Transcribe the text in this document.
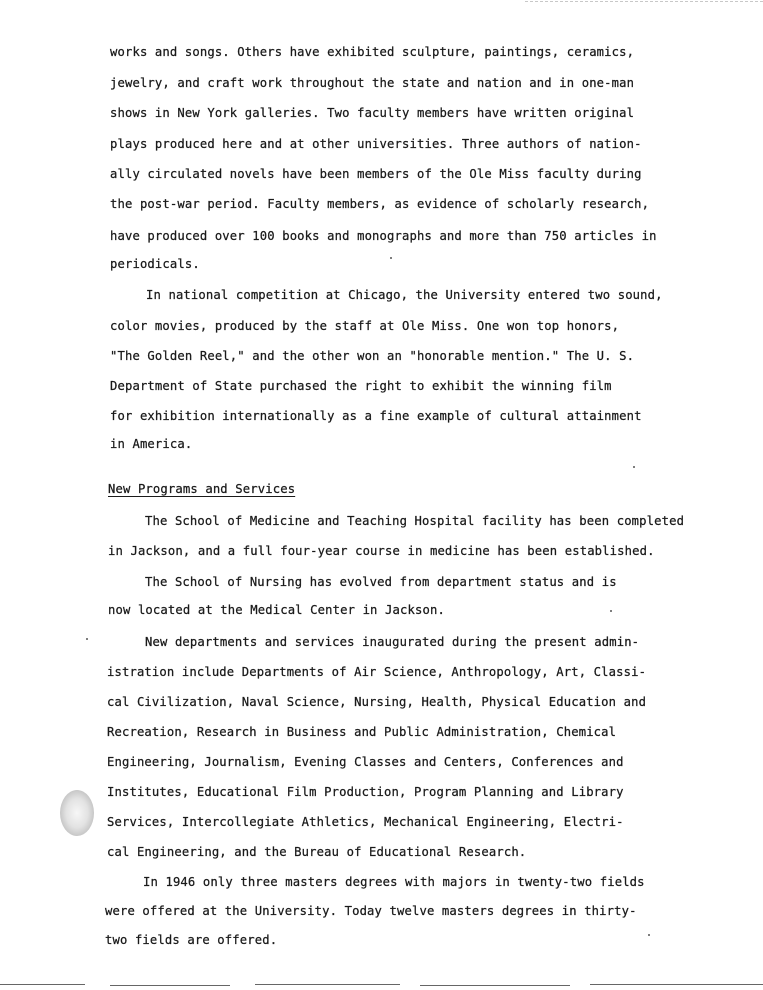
works and songs. Others have exhibited sculpture, paintings, ceramics,
jewelry, and craft work throughout the state and nation and in one-man
shows in New York galleries. Two faculty members have written original
plays produced here and at other universities. Three authors of nation-
ally circulated novels have been members of the Ole Miss faculty during
the post-war period. Faculty members, as evidence of scholarly research,
have produced over 100 books and monographs and more than 750 articles in
periodicals.
In national competition at Chicago, the University entered two sound,
color movies, produced by the staff at Ole Miss. One won top honors,
"The Golden Reel," and the other won an "honorable mention." The U. S.
Department of State purchased the right to exhibit the winning film
for exhibition internationally as a fine example of cultural attainment
in America.
New Programs and Services
The School of Medicine and Teaching Hospital facility has been completed
in Jackson, and a full four-year course in medicine has been established.
The School of Nursing has evolved from department status and is
now located at the Medical Center in Jackson.
New departments and services inaugurated during the present admin-
istration include Departments of Air Science, Anthropology, Art, Classi-
cal Civilization, Naval Science, Nursing, Health, Physical Education and
Recreation, Research in Business and Public Administration, Chemical
Engineering, Journalism, Evening Classes and Centers, Conferences and
Institutes, Educational Film Production, Program Planning and Library
Services, Intercollegiate Athletics, Mechanical Engineering, Electri-
cal Engineering, and the Bureau of Educational Research.
In 1946 only three masters degrees with majors in twenty-two fields
were offered at the University. Today twelve masters degrees in thirty-
two fields are offered.
